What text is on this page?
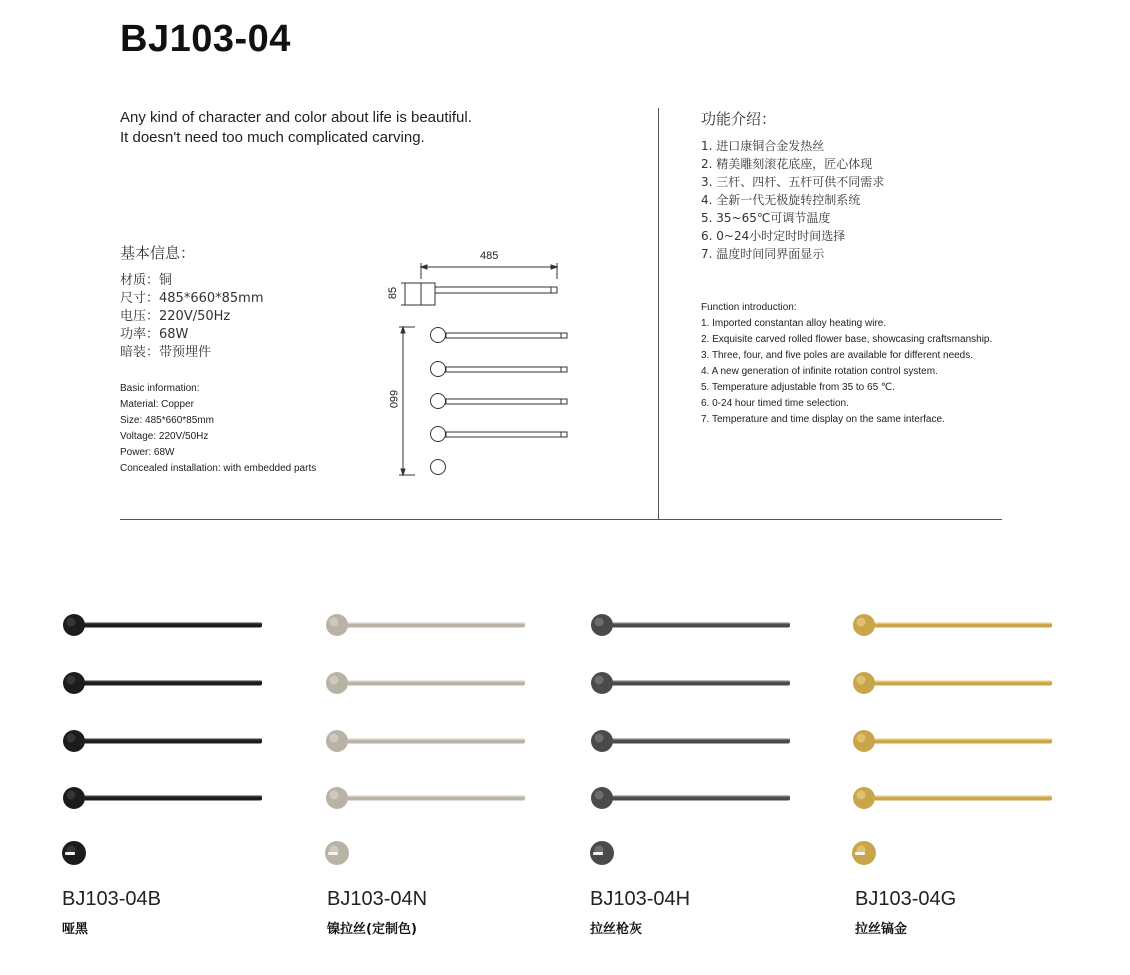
BJ103-04
Any kind of character and color about life is beautiful. It doesn't need too much complicated carving.
基本信息：
材质：铜
尺寸：485*660*85mm
电压：220V/50Hz
功率：68W
暗装：带预埋件
Basic information:
Material: Copper
Size: 485*660*85mm
Voltage: 220V/50Hz
Power: 68W
Concealed installation: with embedded parts
485
85
660
功能介绍：
1. 进口康铜合金发热丝
2. 精美雕刻滚花底座，匠心体现
3. 三杆、四杆、五杆可供不同需求
4. 全新一代无极旋转控制系统
5. 35~65℃可调节温度
6. 0~24小时定时时间选择
7. 温度时间同界面显示
Function introduction:
1. Imported constantan alloy heating wire.
2. Exquisite carved rolled flower base, showcasing craftsmanship.
3. Three, four, and five poles are available for different needs.
4. A new generation of infinite rotation control system.
5. Temperature adjustable from 35 to 65 ℃.
6. 0-24 hour timed time selection.
7. Temperature and time display on the same interface.
BJ103-04B
哑黑
BJ103-04N
镍拉丝(定制色)
BJ103-04H
拉丝枪灰
BJ103-04G
拉丝镐金
